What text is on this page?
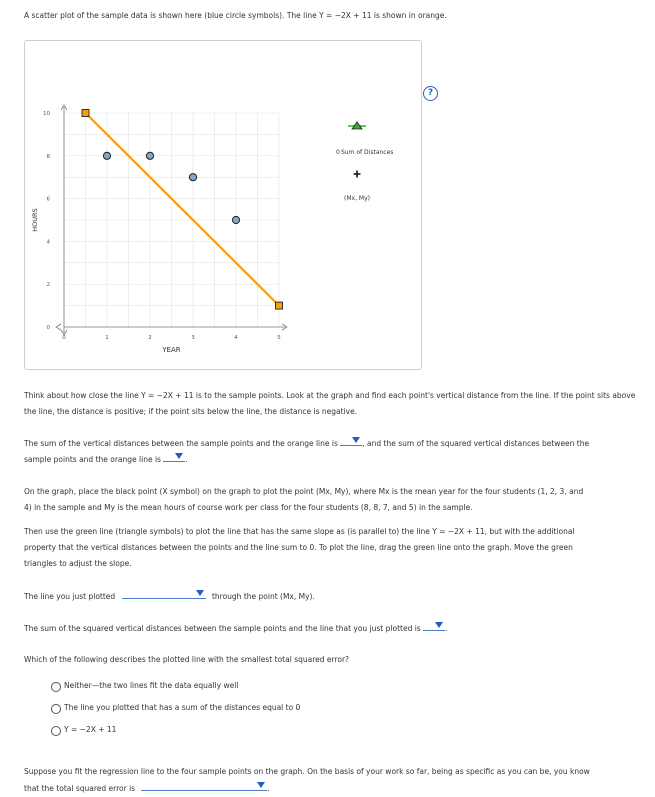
A scatter plot of the sample data is shown here (blue circle symbols). The line Y = −2X + 11 is shown in orange.
?
0	1	2	3	4	5
0
2
4
6
8
10
YEAR
HOURS
0 Sum of Distances
(Mx, My)
Think about how close the line Y = −2X + 11 is to the sample points. Look at the graph and find each point's vertical distance from the line. If the point sits above the line, the distance is positive; if the point sits below the line, the distance is negative.
The sum of the vertical distances between the sample points and the orange line is	, and the sum of the squared vertical distances between the
sample points and the orange line is	.
On the graph, place the black point (X symbol) on the graph to plot the point (Mx, My), where Mx is the mean year for the four students (1, 2, 3, and
4) in the sample and My is the mean hours of course work per class for the four students (8, 8, 7, and 5) in the sample.
Then use the green line (triangle symbols) to plot the line that has the same slope as (is parallel to) the line Y = −2X + 11, but with the additional
property that the vertical distances between the points and the line sum to 0. To plot the line, drag the green line onto the graph. Move the green
triangles to adjust the slope.
The line you just plotted	through the point (Mx, My).
The sum of the squared vertical distances between the sample points and the line that you just plotted is	.
Which of the following describes the plotted line with the smallest total squared error?
Neither—the two lines fit the data equally well
The line you plotted that has a sum of the distances equal to 0
Y = −2X + 11
Suppose you fit the regression line to the four sample points on the graph. On the basis of your work so far, being as specific as you can be, you know
that the total squared error is	.
